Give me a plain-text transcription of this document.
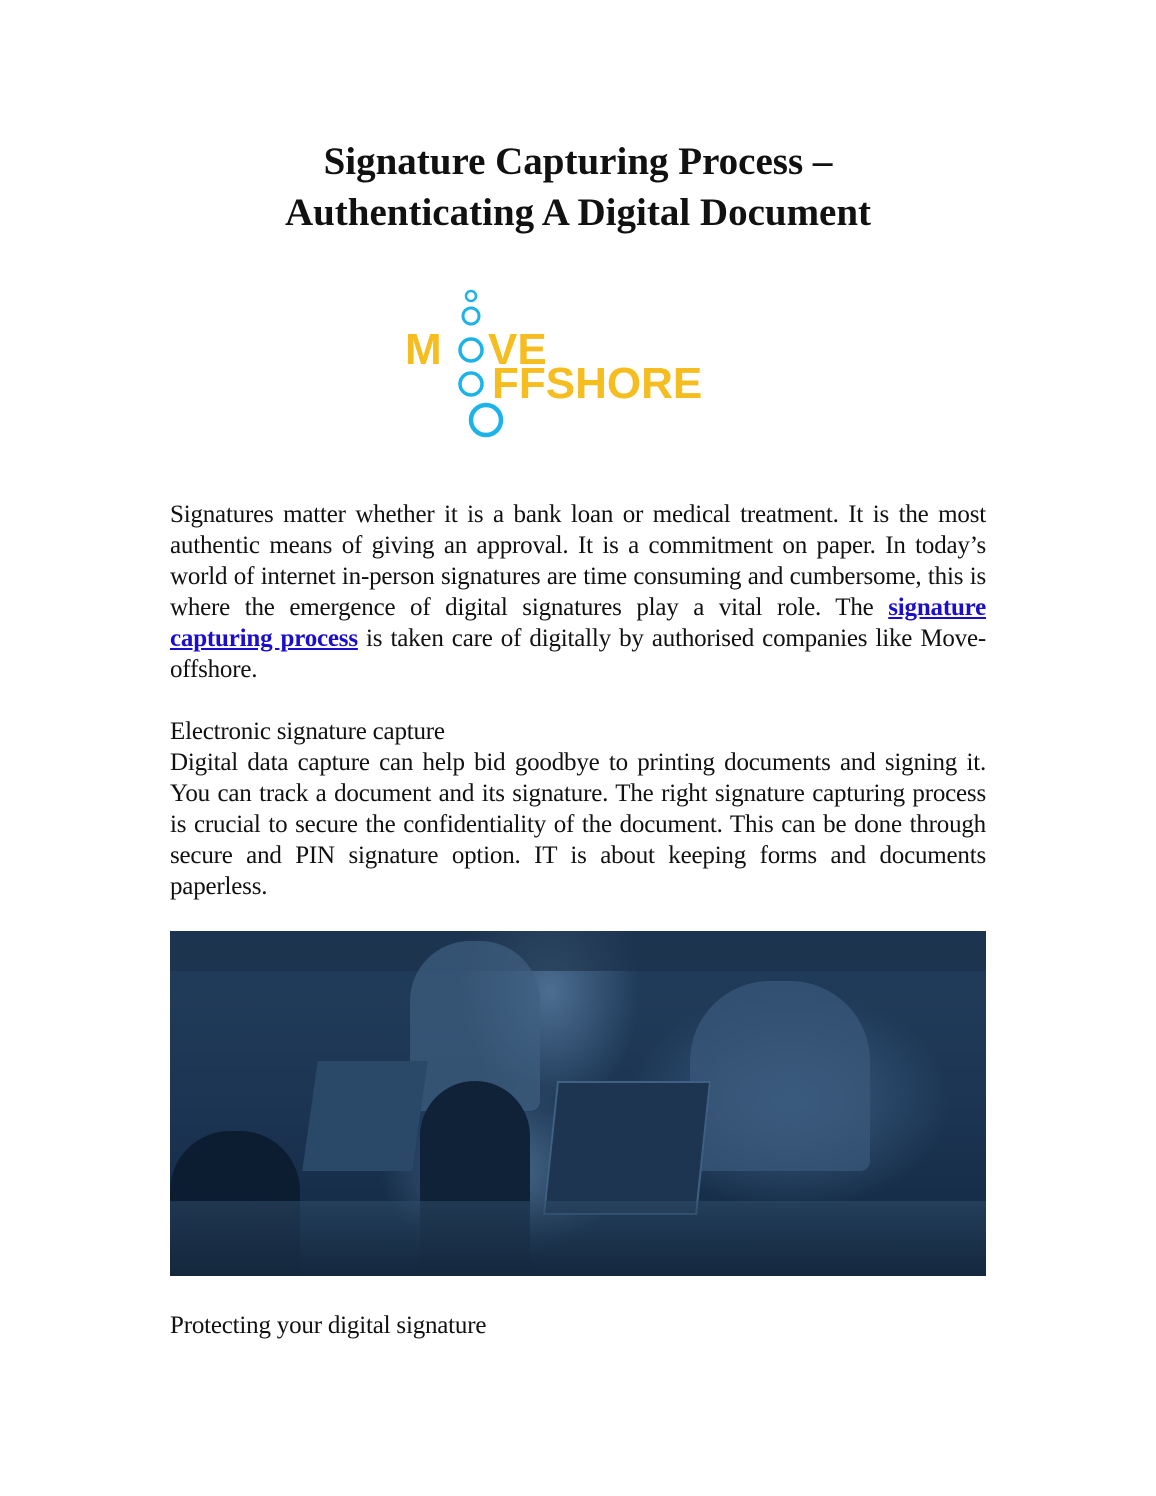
Signature Capturing Process –
Authenticating A Digital Document
M VE
FFSHORE
Signatures matter whether it is a bank loan or medical treatment. It is the most authentic means of giving an approval. It is a commitment on paper. In today’s world of internet in-person signatures are time consuming and cumbersome, this is where the emergence of digital signatures play a vital role. The signature capturing process is taken care of digitally by authorised companies like Move-offshore.
Electronic signature capture
Digital data capture can help bid goodbye to printing documents and signing it. You can track a document and its signature. The right signature capturing process is crucial to secure the confidentiality of the document. This can be done through secure and PIN signature option. IT is about keeping forms and documents paperless.
Protecting your digital signature
